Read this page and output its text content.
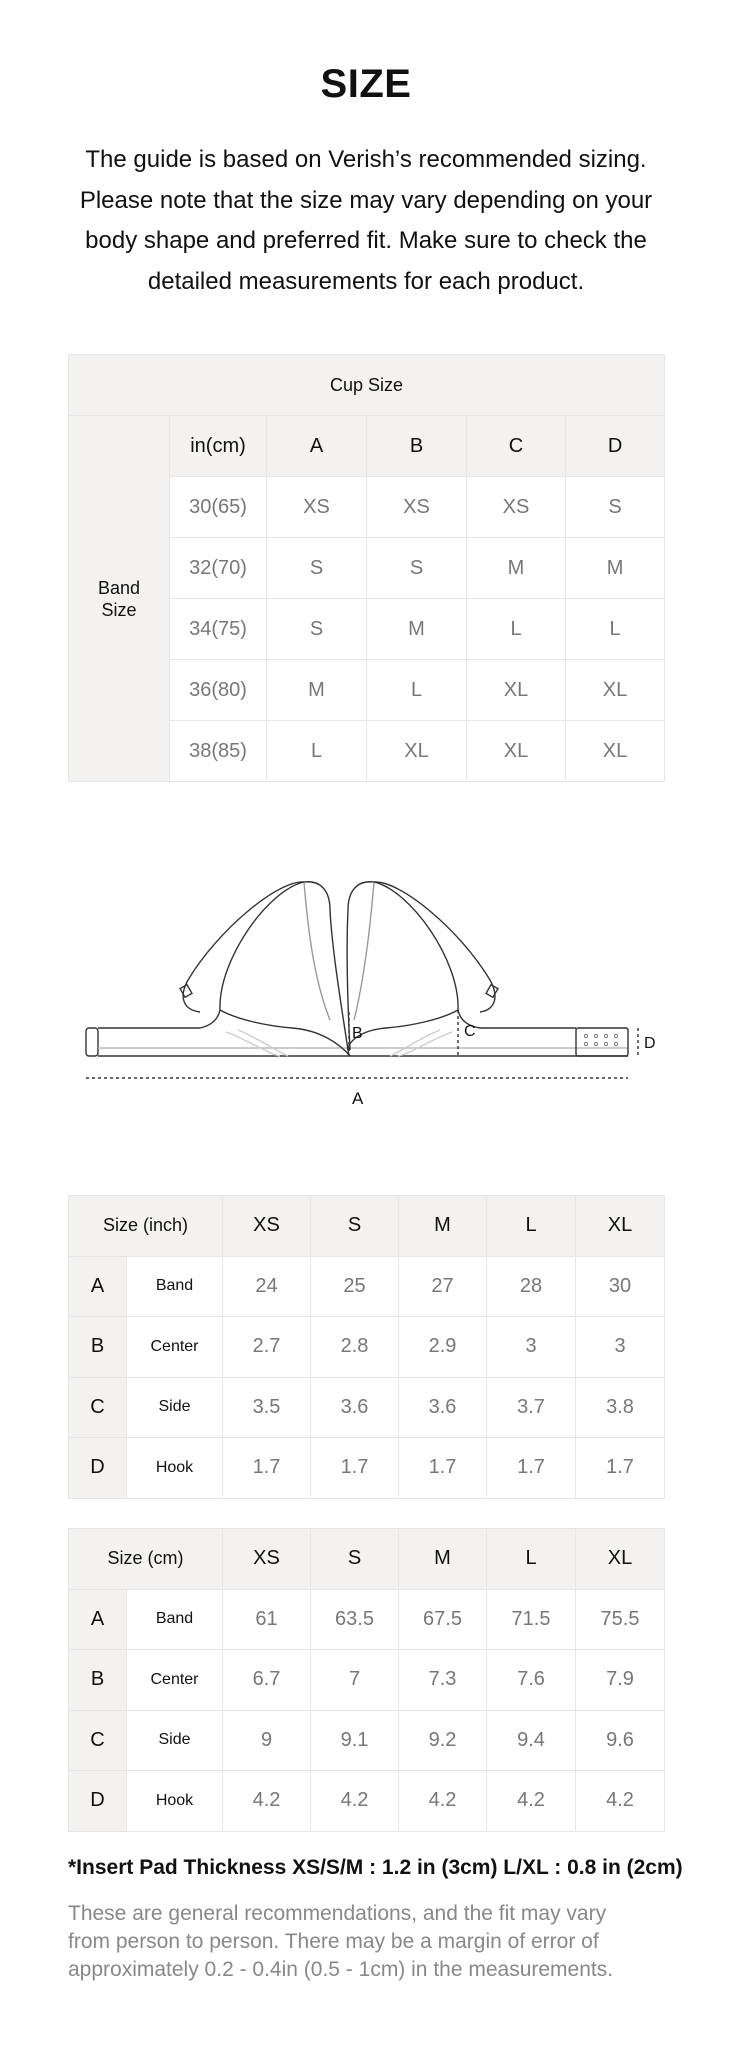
SIZE

The guide is based on Verish’s recommended sizing. Please note that the size may vary depending on your body shape and preferred fit. Make sure to check the detailed measurements for each product.

Cup Size					
Band
Size	in(cm)	A	B	C	D
	30(65)	XS	XS	XS	S
	32(70)	S	S	M	M
	34(75)	S	M	L	L
	36(80)	M	L	XL	XL
	38(85)	L	XL	XL	XL
B	C
D
A
Size (inch)		XS	S	M	L	XL
A	Band	24	25	27	28	30
B	Center	2.7	2.8	2.9	3	3
C	Side	3.5	3.6	3.6	3.7	3.8
D	Hook	1.7	1.7	1.7	1.7	1.7
Size (cm)		XS	S	M	L	XL
A	Band	61	63.5	67.5	71.5	75.5
B	Center	6.7	7	7.3	7.6	7.9
C	Side	9	9.1	9.2	9.4	9.6
D	Hook	4.2	4.2	4.2	4.2	4.2

*Insert Pad Thickness XS/S/M : 1.2 in (3cm) L/XL : 0.8 in (2cm)

These are general recommendations, and the fit may vary from person to person. There may be a margin of error of approximately 0.2 - 0.4in (0.5 - 1cm) in the measurements.
